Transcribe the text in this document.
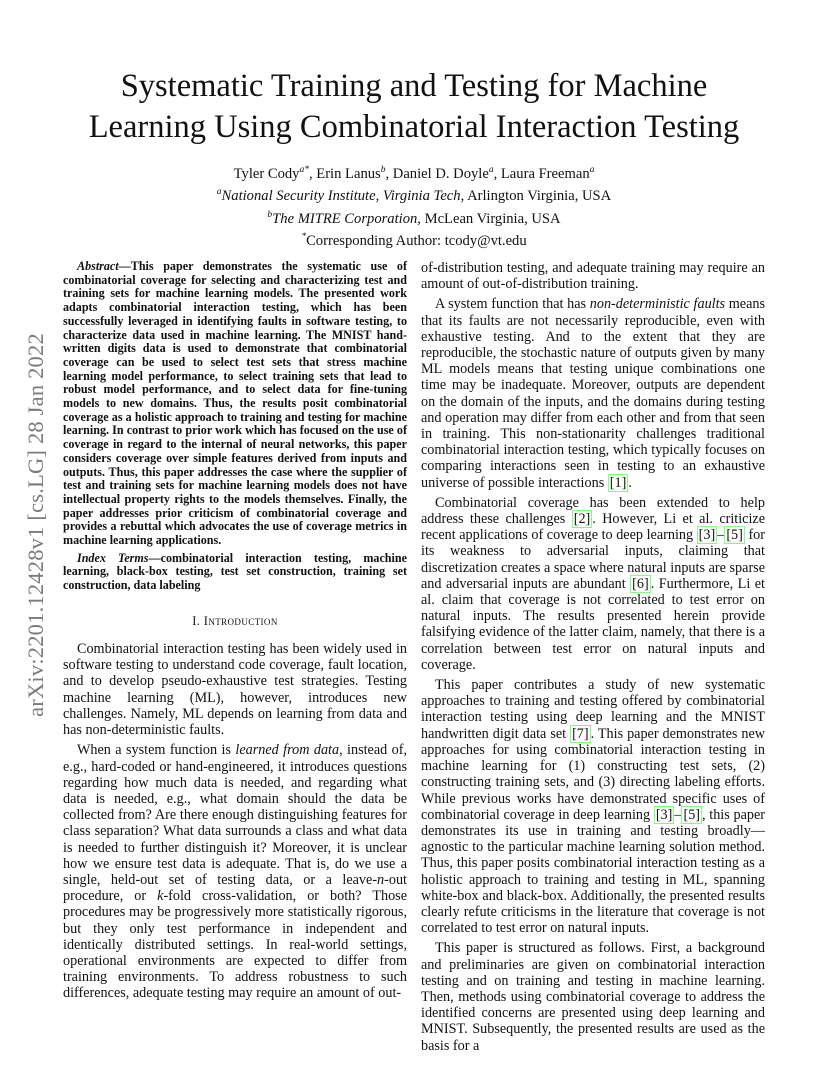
arXiv:2201.12428v1 [cs.LG] 28 Jan 2022
Systematic Training and Testing for Machine
Learning Using Combinatorial Interaction Testing
Tyler Cody$^{a*}$, Erin Lanus$^b$, Daniel D. Doyle$^a$, Laura Freeman$^a$
$^a$National Security Institute, Virginia Tech, Arlington Virginia, USA
$^b$The MITRE Corporation, McLean Virginia, USA
*Corresponding Author: tcody@vt.edu

Abstract—This paper demonstrates the systematic use of combinatorial coverage for selecting and characterizing test and training sets for machine learning models. The presented work adapts combinatorial interaction testing, which has been successfully leveraged in identifying faults in software testing, to characterize data used in machine learning. The MNIST hand-written digits data is used to demonstrate that combinatorial coverage can be used to select test sets that stress machine learning model performance, to select training sets that lead to robust model performance, and to select data for fine-tuning models to new domains. Thus, the results posit combinatorial coverage as a holistic approach to training and testing for machine learning. In contrast to prior work which has focused on the use of coverage in regard to the internal of neural networks, this paper considers coverage over simple features derived from inputs and outputs. Thus, this paper addresses the case where the supplier of test and training sets for machine learning models does not have intellectual property rights to the models themselves. Finally, the paper addresses prior criticism of combinatorial coverage and provides a rebuttal which advocates the use of coverage metrics in machine learning applications.

Index Terms—combinatorial interaction testing, machine learning, black-box testing, test set construction, training set construction, data labeling

I. Introduction

Combinatorial interaction testing has been widely used in software testing to understand code coverage, fault location, and to develop pseudo-exhaustive test strategies. Testing machine learning (ML), however, introduces new challenges. Namely, ML depends on learning from data and has non-deterministic faults.

When a system function is learned from data, instead of, e.g., hard-coded or hand-engineered, it introduces questions regarding how much data is needed, and regarding what data is needed, e.g., what domain should the data be collected from? Are there enough distinguishing features for class separation? What data surrounds a class and what data is needed to further distinguish it? Moreover, it is unclear how we ensure test data is adequate. That is, do we use a single, held-out set of testing data, or a leave-n-out procedure, or k-fold cross-validation, or both? Those procedures may be progressively more statistically rigorous, but they only test performance in independent and identically distributed settings. In real-world settings, operational environments are expected to differ from training environments. To address robustness to such differences, adequate testing may require an amount of out-

of-distribution testing, and adequate training may require an amount of out-of-distribution training.

A system function that has non-deterministic faults means that its faults are not necessarily reproducible, even with exhaustive testing. And to the extent that they are reproducible, the stochastic nature of outputs given by many ML models means that testing unique combinations one time may be inadequate. Moreover, outputs are dependent on the domain of the inputs, and the domains during testing and operation may differ from each other and from that seen in training. This non-stationarity challenges traditional combinatorial interaction testing, which typically focuses on comparing interactions seen in testing to an exhaustive universe of possible interactions [1] .

Combinatorial coverage has been extended to help address these challenges [2] . However, Li et al. criticize recent applications of coverage to deep learning [3] – [5] for its weakness to adversarial inputs, claiming that discretization creates a space where natural inputs are sparse and adversarial inputs are abundant [6] . Furthermore, Li et al. claim that coverage is not correlated to test error on natural inputs. The results presented herein provide falsifying evidence of the latter claim, namely, that there is a correlation between test error on natural inputs and coverage.

This paper contributes a study of new systematic approaches to training and testing offered by combinatorial interaction testing using deep learning and the MNIST handwritten digit data set [7] . This paper demonstrates new approaches for using combinatorial interaction testing in machine learning for (1) constructing test sets, (2) constructing training sets, and (3) directing labeling efforts. While previous works have demonstrated specific uses of combinatorial coverage in deep learning [3] – [5] , this paper demonstrates its use in training and testing broadly—agnostic to the particular machine learning solution method. Thus, this paper posits combinatorial interaction testing as a holistic approach to training and testing in ML, spanning white-box and black-box. Additionally, the presented results clearly refute criticisms in the literature that coverage is not correlated to test error on natural inputs.

This paper is structured as follows. First, a background and preliminaries are given on combinatorial interaction testing and on training and testing in machine learning. Then, methods using combinatorial coverage to address the identified concerns are presented using deep learning and MNIST. Subsequently, the presented results are used as the basis for a
